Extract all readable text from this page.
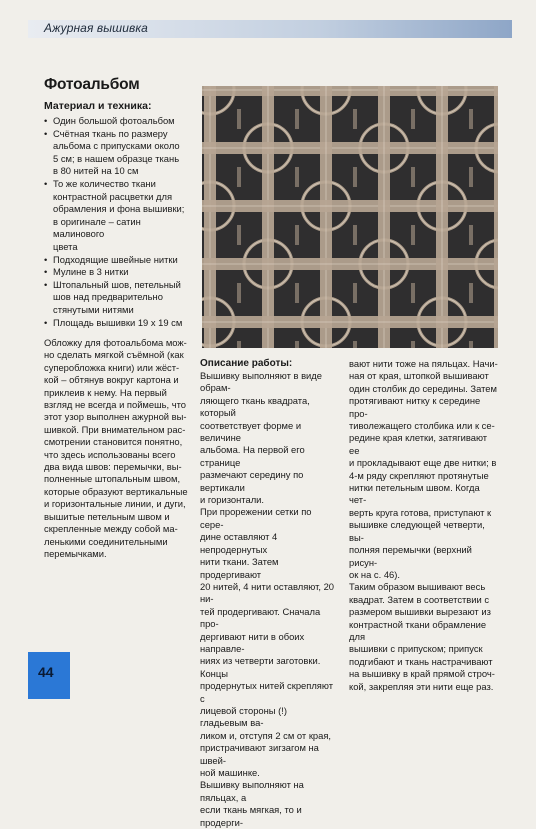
Ажурная вышивка
Фотоальбом
Материал и техника:
• Один большой фотоальбом
• Счётная ткань по размеру
альбома с припусками около
5 см; в нашем образце ткань
в 80 нитей на 10 см
• То же количество ткани
контрастной расцветки для
обрамления и фона вышивки;
в оригинале – сатин малинового
цвета
• Подходящие швейные нитки
• Мулине в 3 нитки
• Штопальный шов, петельный
шов над предварительно
стянутыми нитями
• Площадь вышивки 19 х 19 см
Обложку для фотоальбома мож-
но сделать мягкой съёмной (как
суперобложка книги) или жёст-
кой – обтянув вокруг картона и
приклеив к нему. На первый
взгляд не всегда и поймешь, что
этот узор выполнен ажурной вы-
шивкой. При внимательном рас-
смотрении становится понятно,
что здесь использованы всего
два вида швов: перемычки, вы-
полненные штопальным швом,
которые образуют вертикальные
и горизонтальные линии, и дуги,
вышитые петельным швом и
скрепленные между собой ма-
ленькими соединительными
перемычками.
Описание работы:
Вышивку выполняют в виде обрам-
ляющего ткань квадрата, который
соответствует форме и величине
альбома. На первой его странице
размечают середину по вертикали
и горизонтали.
При прорежении сетки по сере-
дине оставляют 4 непродернутых
нити ткани. Затем продергивают
20 нитей, 4 нити оставляют, 20 ни-
тей продергивают. Сначала про-
дергивают нити в обоих направле-
ниях из четверти заготовки. Концы
продернутых нитей скрепляют с
лицевой стороны (!) гладьевым ва-
ликом и, отступя 2 см от края,
пристрачивают зигзагом на швей-
ной машинке.
Вышивку выполняют на пяльцах, а
если ткань мягкая, то и продерги-
вают нити тоже на пяльцах. Начи-
ная от края, штопкой вышивают
один столбик до середины. Затем
протягивают нитку к середине про-
тиволежащего столбика или к се-
редине края клетки, затягивают ее
и прокладывают еще две нитки; в
4-м ряду скрепляют протянутые
нитки петельным швом. Когда чет-
верть круга готова, приступают к
вышивке следующей четверти, вы-
полняя перемычки (верхний рисун-
ок на с. 46).
Таким образом вышивают весь
квадрат. Затем в соответствии с
размером вышивки вырезают из
контрастной ткани обрамление для
вышивки с припуском; припуск
подгибают и ткань настрачивают
на вышивку в край прямой строч-
кой, закрепляя эти нити еще раз.
44
